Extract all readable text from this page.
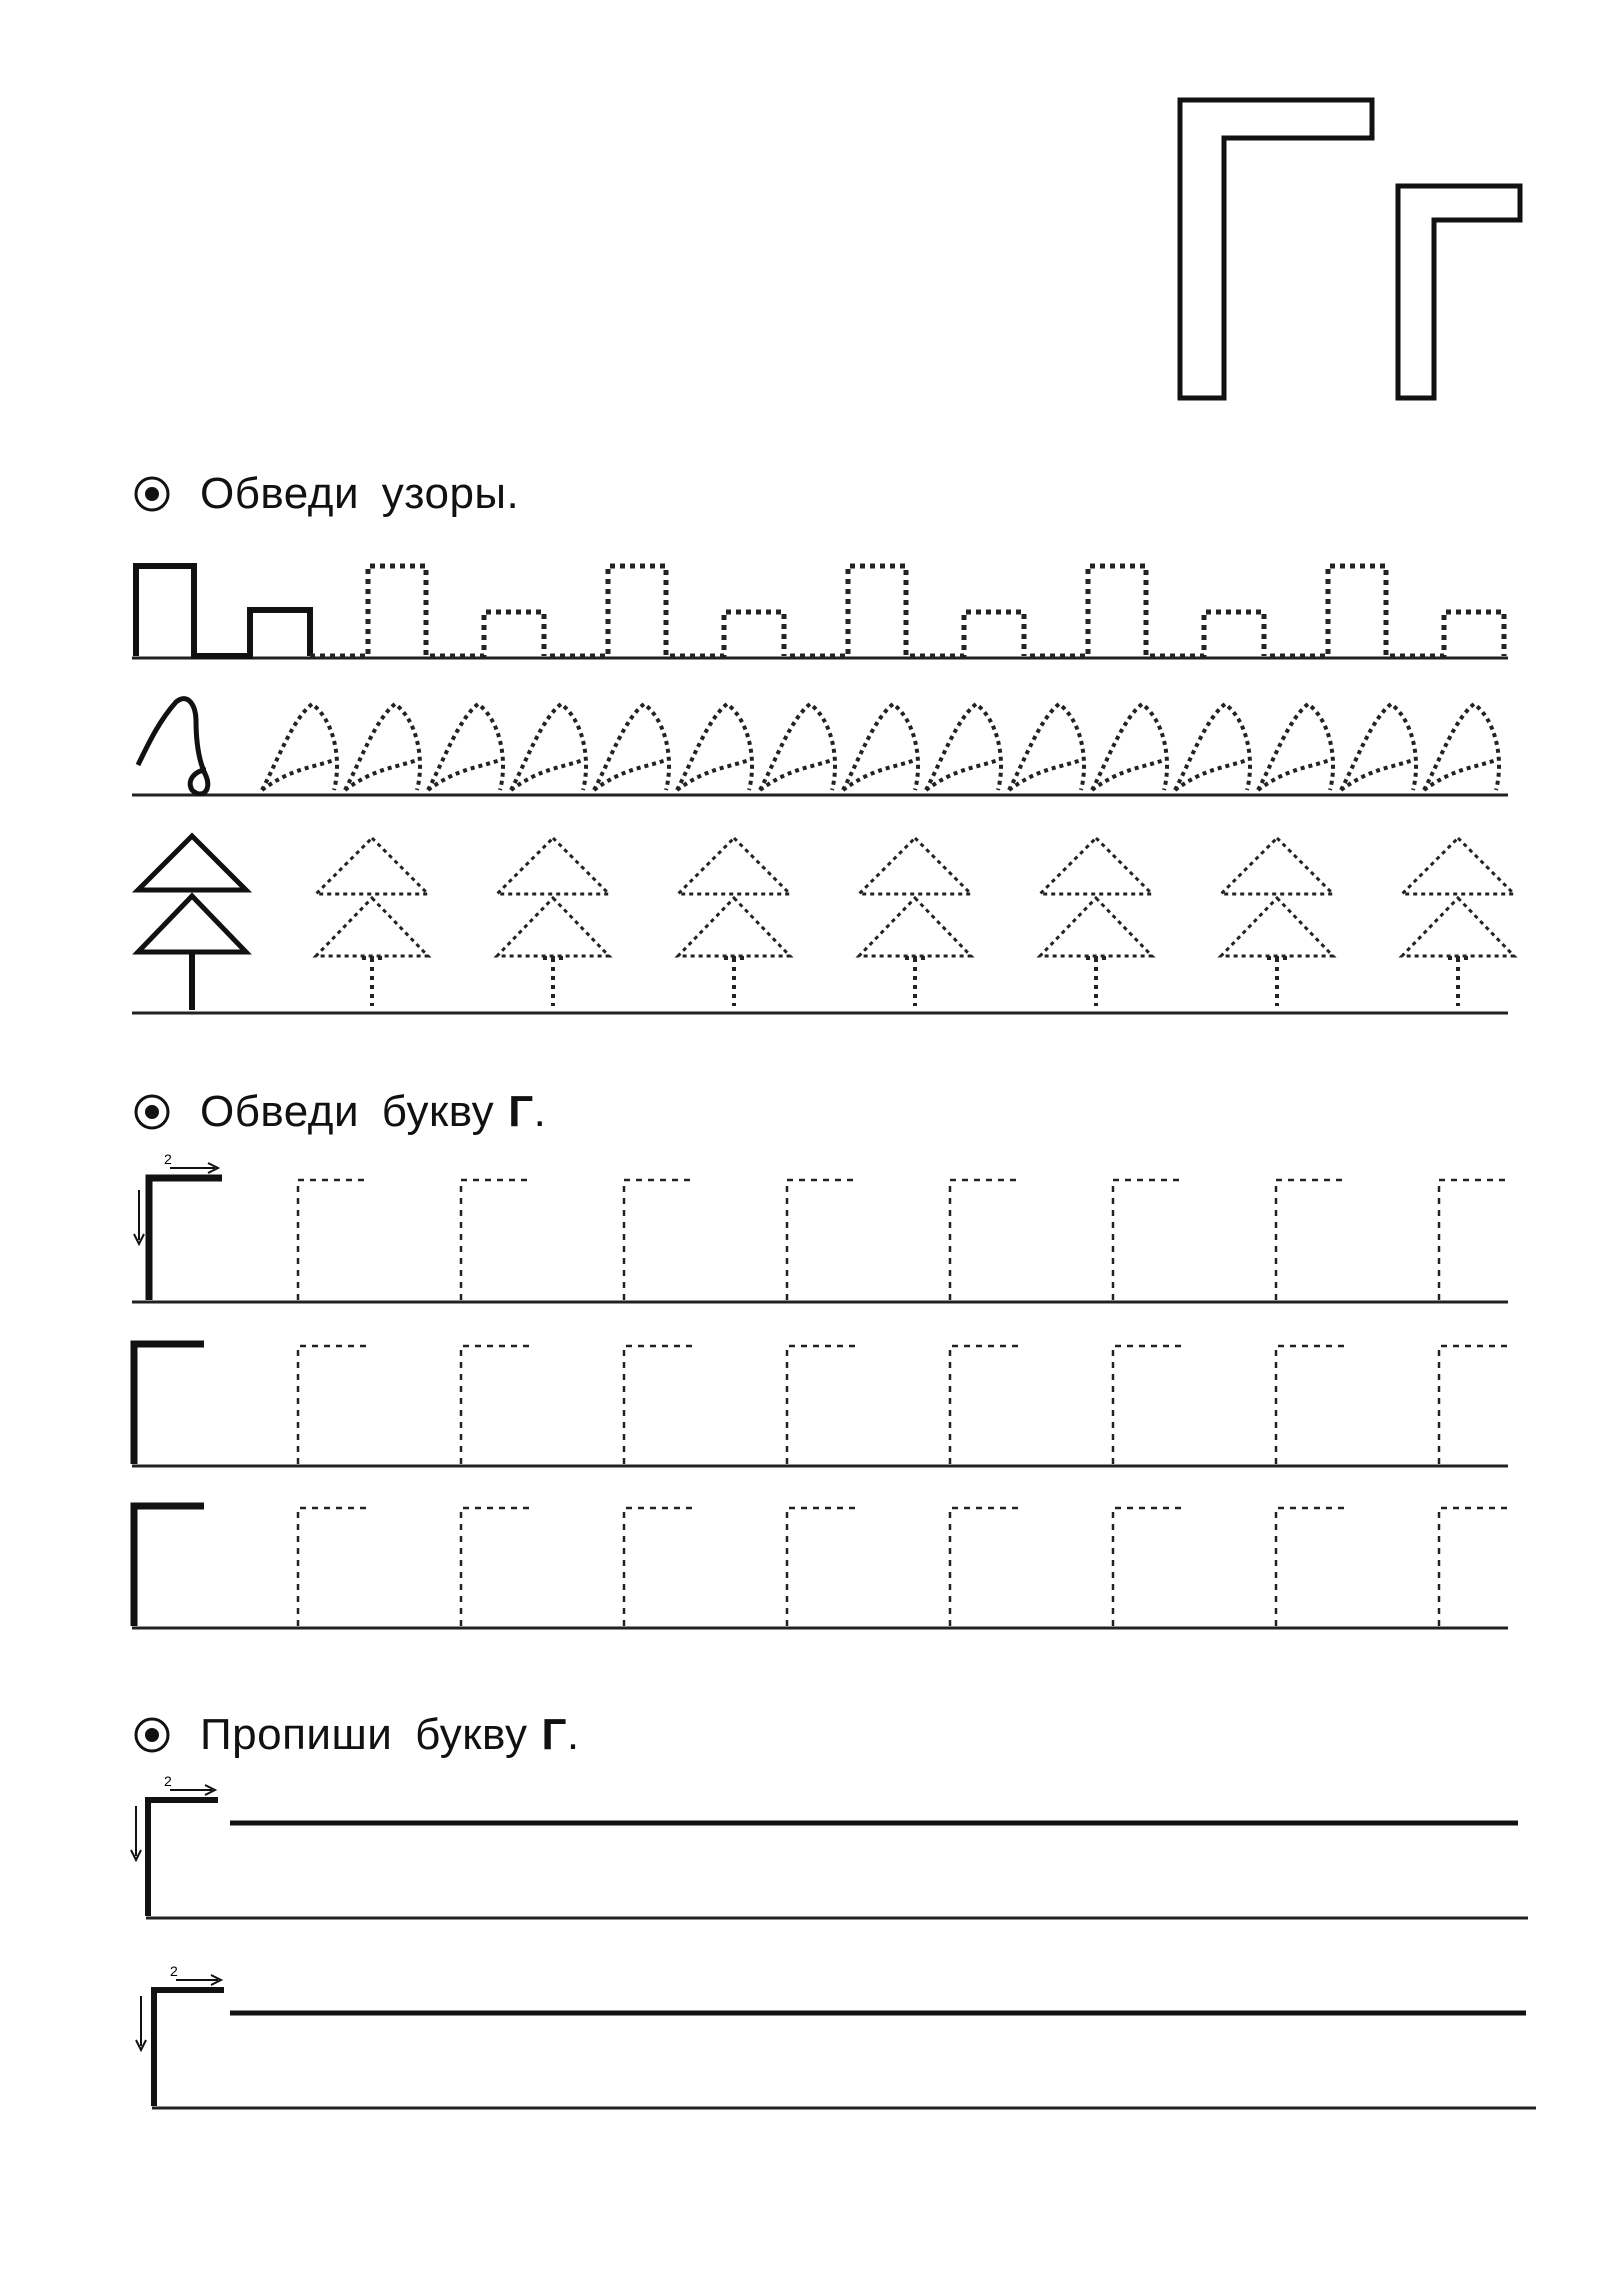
2
2
2
Обведи узоры.
Обведи букву Г .
Пропиши букву Г .
